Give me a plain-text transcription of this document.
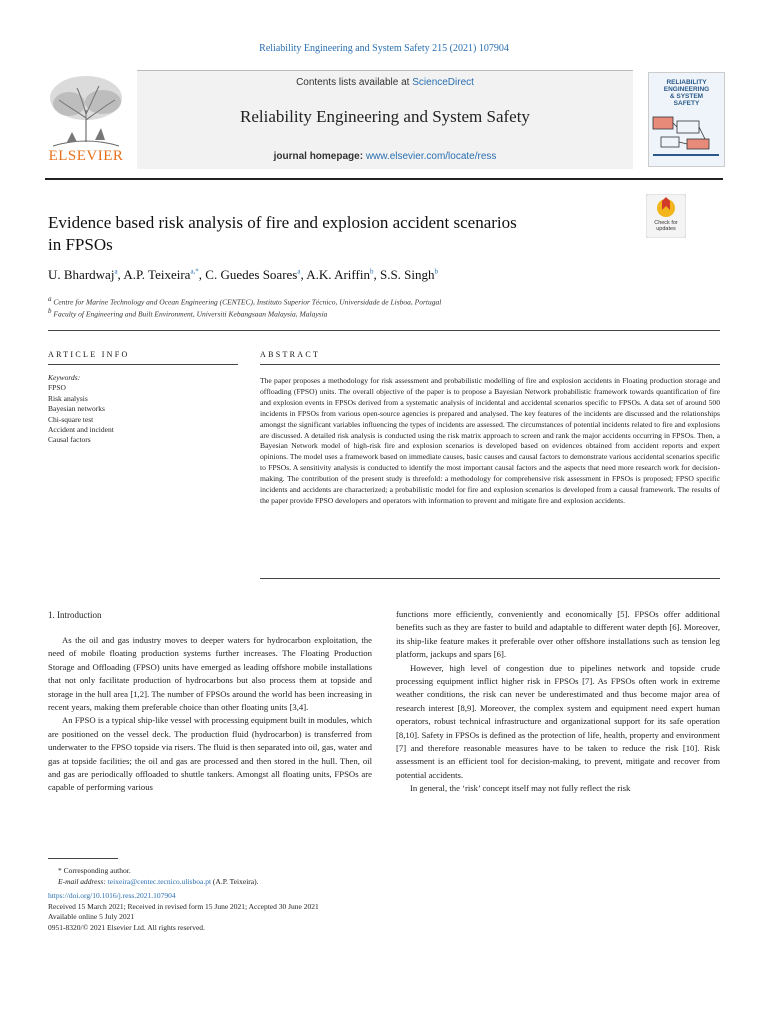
Reliability Engineering and System Safety 215 (2021) 107904
ELSEVIER
Contents lists available at ScienceDirect
Reliability Engineering and System Safety
journal homepage: www.elsevier.com/locate/ress
RELIABILITY
ENGINEERING
& SYSTEM
SAFETY
Evidence based risk analysis of fire and explosion accident scenarios
in FPSOs
Check for updates
U. Bhardwaj$^a$, A.P. Teixeira$^{a,*}$, C. Guedes Soares$^a$, A.K. Ariffin$^b$, S.S. Singh$^b$
$^a$ Centre for Marine Technology and Ocean Engineering (CENTEC), Instituto Superior Técnico, Universidade de Lisboa, Portugal
$^b$ Faculty of Engineering and Built Environment, Universiti Kebangsaan Malaysia, Malaysia
ARTICLE INFO	ABSTRACT
Keywords:
FPSO
Risk analysis
Bayesian networks
Chi-square test
Accident and incident
Causal factors
The paper proposes a methodology for risk assessment and probabilistic modelling of fire and explosion accidents in Floating production storage and offloading (FPSO) units. The overall objective of the paper is to propose a Bayesian Network probabilistic framework towards quantification of fire and explosion events in FPSOs derived from a systematic analysis of incidental and accidental scenarios specific to FPSOs. A data set of around 500 incidents in FPSOs from various open-source agencies is prepared and analysed. The key features of the incidents are discussed and the relationships amongst the significant variables influencing the types of incidents are assessed. The circumstances of potential incidents related to fire and explosions are discussed. A detailed risk analysis is conducted using the risk matrix approach to screen and rank the major accidents occurring in FPSOs. Then, a Bayesian Network model of high-risk fire and explosion scenarios is developed based on evidences obtained from accident reports and expert opinions. The model uses a framework based on immediate causes, basic causes and causal factors to demonstrate various accidental scenarios specific to FPSOs. A sensitivity analysis is conducted to identify the most important causal factors and the aspects that need more research work for decision-making. The contribution of the present study is threefold: a methodology for comprehensive risk assessment in FPSOs is proposed; FPSO specific incidents and accidents are characterized; a probabilistic model for fire and explosion scenarios is developed from a causal framework. The results of the paper provide FPSO developers and operators with information to prevent and mitigate fire and explosion accidents.
1. Introduction

As the oil and gas industry moves to deeper waters for hydrocarbon exploitation, the need of mobile floating production systems further increases. The Floating Production Storage and Offloading (FPSO) units have emerged as leading offshore mobile installations that not only facilitate production of hydrocarbons but also process them at topside and storage in the hull area [1,2]. The number of FPSOs around the world has been increasing in recent years, making them preferable choice than other floating units [3,4].

An FPSO is a typical ship-like vessel with processing equipment built in modules, which are positioned on the vessel deck. The production fluid (hydrocarbon) is transferred from underwater to the FPSO topside via risers. The fluid is then separated into oil, gas, water and gas at topside facilities; the oil and gas are processed and then stored in the hull. Then, oil and gas are periodically offloaded to shuttle tankers. Amongst all floating units, FPSOs are capable of performing various

functions more efficiently, conveniently and economically [5]. FPSOs offer additional benefits such as they are faster to build and adaptable to different water depth [6]. Moreover, its ship-like feature makes it preferable over other offshore installations such as tension leg platform, jackups and spars [6].

However, high level of congestion due to pipelines network and topside crude processing equipment inflict higher risk in FPSOs [7]. As FPSOs often work in extreme weather conditions, the risk can never be underestimated and thus become major area of research interest [8,9]. Moreover, the complex system and equipment need expert human operators, robust technical infrastructure and organizational support for its safe operation [8,10]. Safety in FPSOs is defined as the protection of life, health, property and environment [7] and therefore reasonable measures have to be taken to reduce the risk [10]. Risk assessment is an efficient tool for decision-making, to prevent, mitigate and recover from potential accidents.

In general, the ‘risk’ concept itself may not fully reflect the risk

* Corresponding author.
E-mail address: teixeira@centec.tecnico.ulisboa.pt (A.P. Teixeira).
https://doi.org/10.1016/j.ress.2021.107904
Received 15 March 2021; Received in revised form 15 June 2021; Accepted 30 June 2021
Available online 5 July 2021
0951-8320/© 2021 Elsevier Ltd. All rights reserved.
